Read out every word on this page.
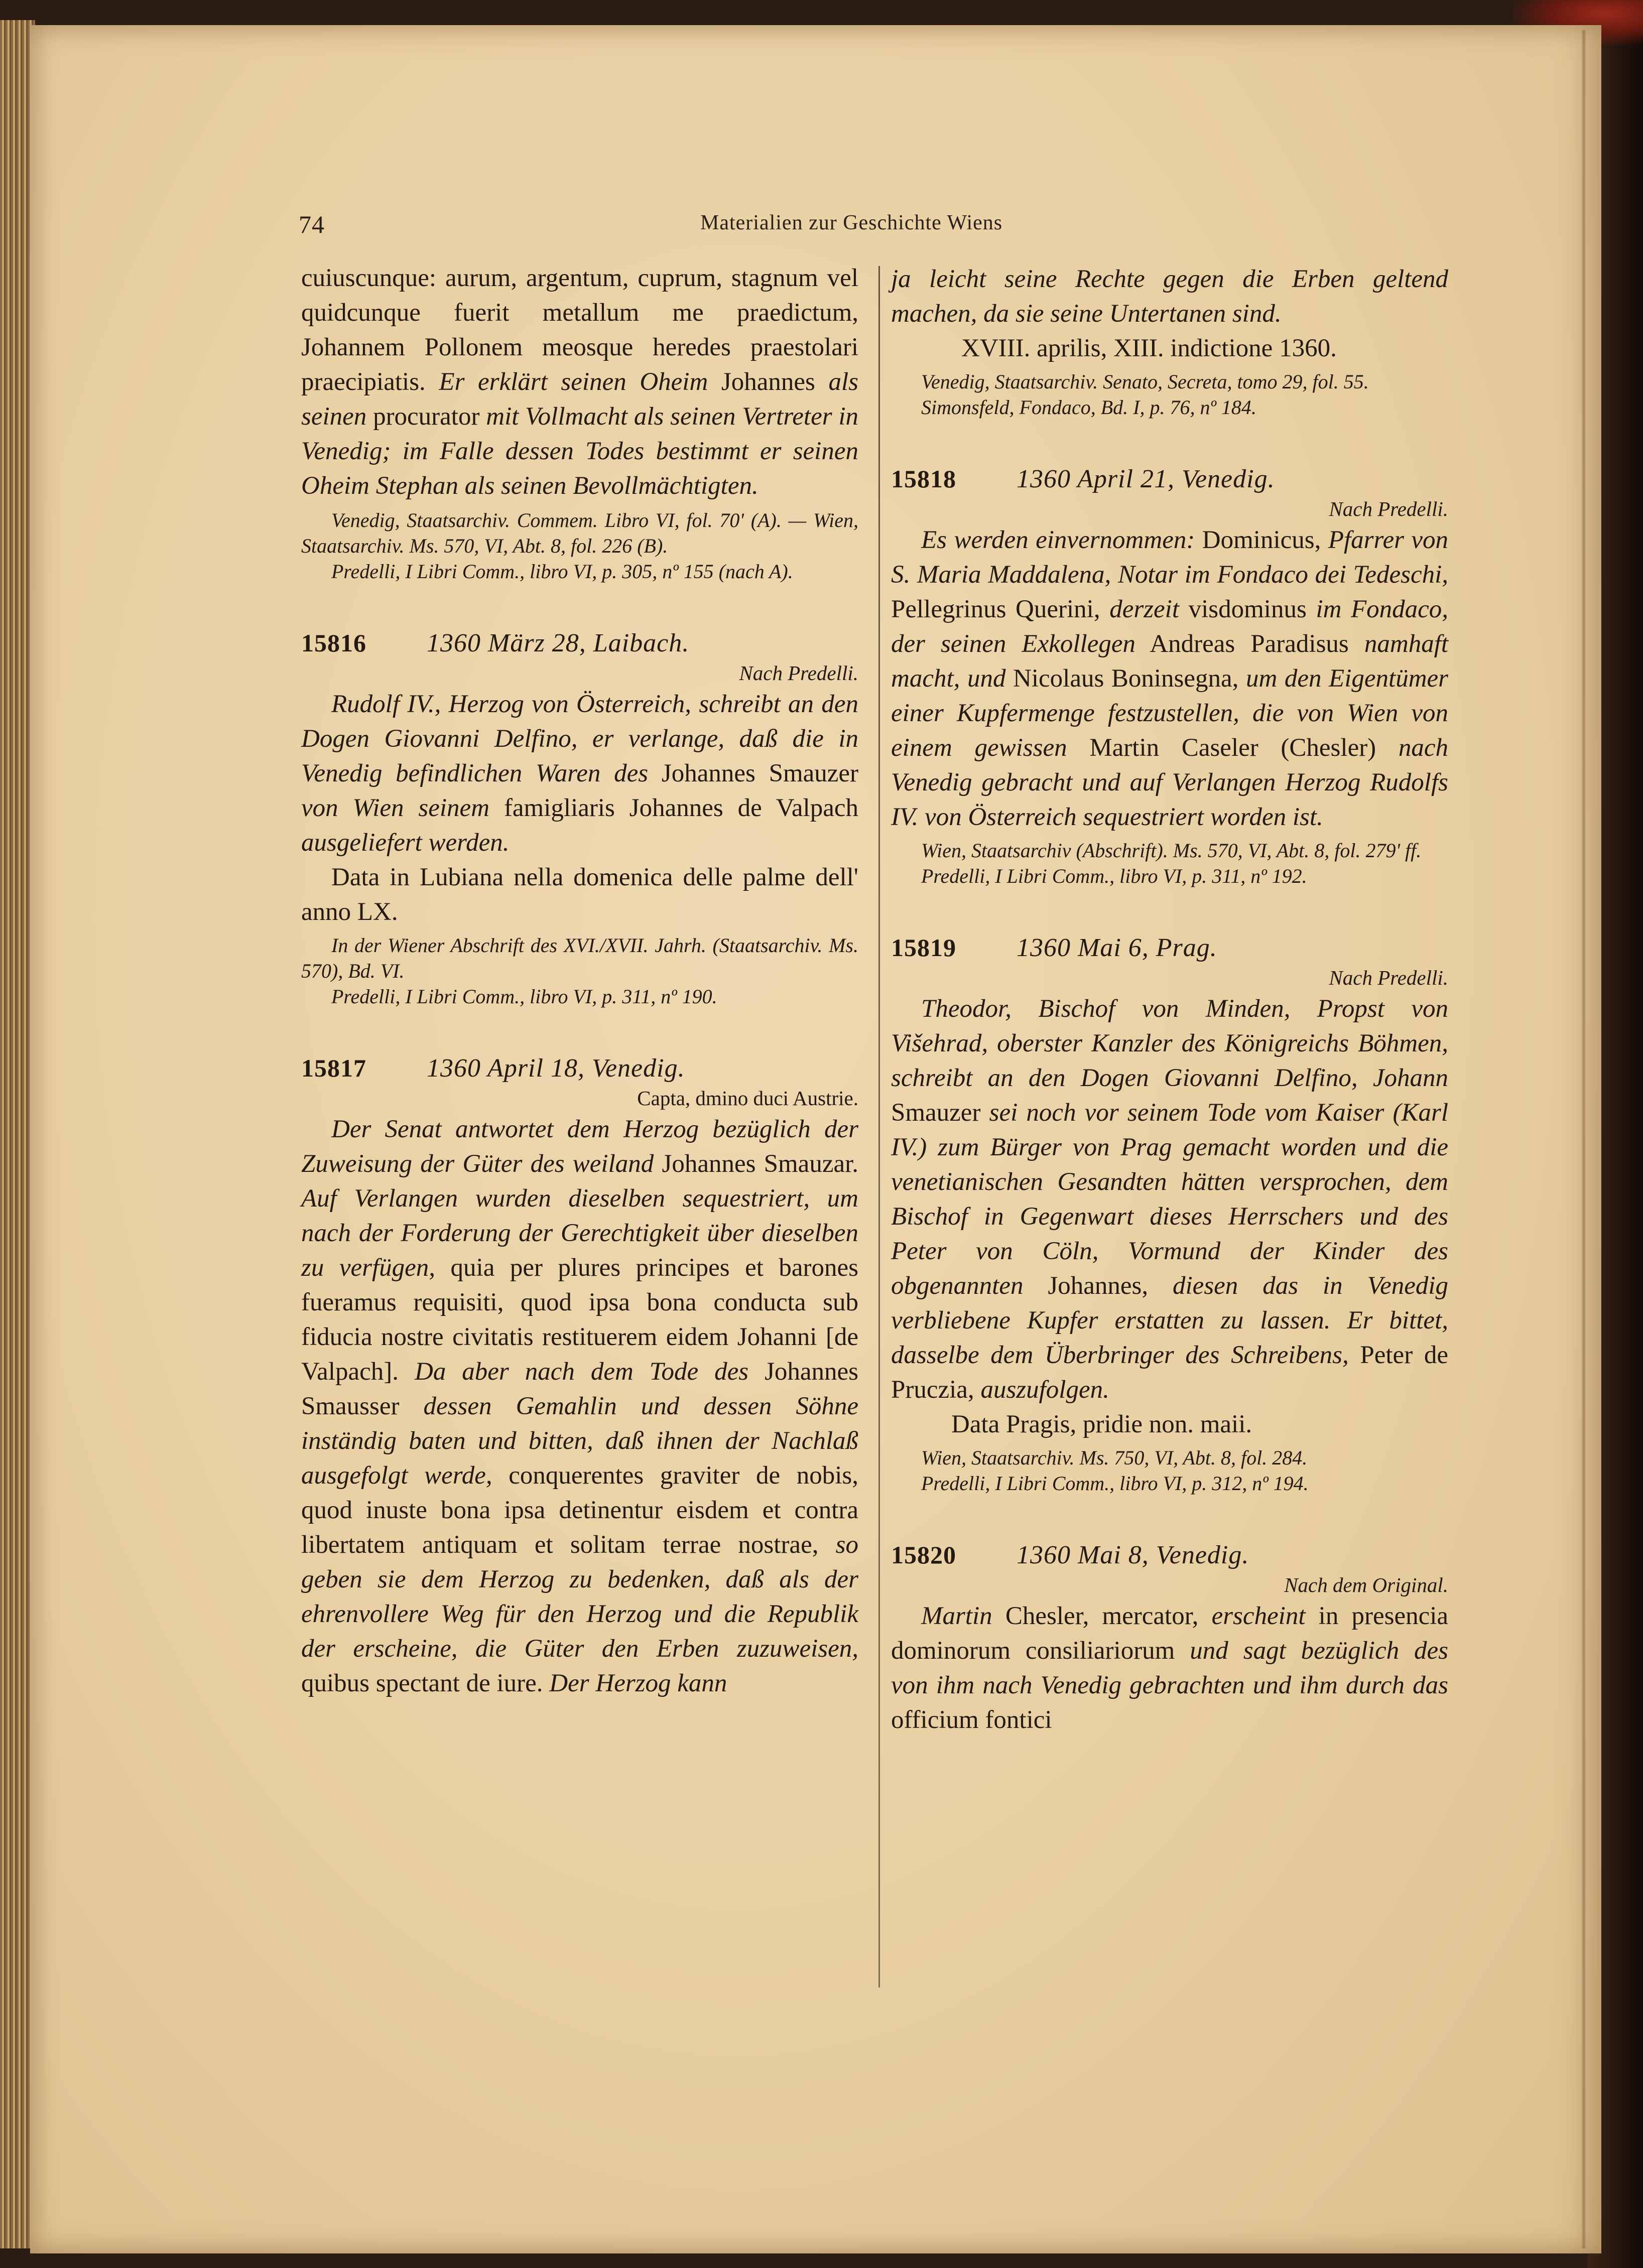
74	Materialien zur Geschichte Wiens

cuiuscunque: aurum, argentum, cuprum, stagnum vel quidcunque fuerit metallum me praedictum, Johannem Pollonem meosque heredes praestolari praecipiatis. Er erklärt seinen Oheim Johannes als seinen procurator mit Vollmacht als seinen Vertreter in Venedig; im Falle dessen Todes bestimmt er seinen Oheim Stephan als seinen Bevollmächtigten.

Venedig, Staatsarchiv. Commem. Libro VI, fol. 70' (A). — Wien, Staatsarchiv. Ms. 570, VI, Abt. 8, fol. 226 (B).

Predelli, I Libri Comm., libro VI, p. 305, nº 155 (nach A).

15816	1360 März 28, Laibach.
Nach Predelli.

Rudolf IV., Herzog von Österreich, schreibt an den Dogen Giovanni Delfino, er verlange, daß die in Venedig befindlichen Waren des Johannes Smauzer von Wien seinem famigliaris Johannes de Valpach ausgeliefert werden.

Data in Lubiana nella domenica delle palme dell' anno LX.

In der Wiener Abschrift des XVI./XVII. Jahrh. (Staatsarchiv. Ms. 570), Bd. VI.

Predelli, I Libri Comm., libro VI, p. 311, nº 190.

15817	1360 April 18, Venedig.
Capta, dmino duci Austrie.

Der Senat antwortet dem Herzog bezüglich der Zuweisung der Güter des weiland Johannes Smauzar. Auf Verlangen wurden dieselben sequestriert, um nach der Forderung der Gerechtigkeit über dieselben zu verfügen, quia per plures principes et barones fueramus requisiti, quod ipsa bona conducta sub fiducia nostre civitatis restituerem eidem Johanni [de Valpach]. Da aber nach dem Tode des Johannes Smausser dessen Gemahlin und dessen Söhne inständig baten und bitten, daß ihnen der Nachlaß ausgefolgt werde, conquerentes graviter de nobis, quod inuste bona ipsa detinentur eisdem et contra libertatem antiquam et solitam terrae nostrae, so geben sie dem Herzog zu bedenken, daß als der ehrenvollere Weg für den Herzog und die Republik der erscheine, die Güter den Erben zuzuweisen, quibus spectant de iure. Der Herzog kann

ja leicht seine Rechte gegen die Erben geltend machen, da sie seine Untertanen sind.

XVIII. aprilis, XIII. indictione 1360.

Venedig, Staatsarchiv. Senato, Secreta, tomo 29, fol. 55.

Simonsfeld, Fondaco, Bd. I, p. 76, nº 184.

15818	1360 April 21, Venedig.
Nach Predelli.

Es werden einvernommen: Dominicus, Pfarrer von S. Maria Maddalena, Notar im Fondaco dei Tedeschi, Pellegrinus Querini, derzeit visdominus im Fondaco, der seinen Exkollegen Andreas Paradisus namhaft macht, und Nicolaus Boninsegna, um den Eigentümer einer Kupfermenge festzustellen, die von Wien von einem gewissen Martin Caseler (Chesler) nach Venedig gebracht und auf Verlangen Herzog Rudolfs IV. von Österreich sequestriert worden ist.

Wien, Staatsarchiv (Abschrift). Ms. 570, VI, Abt. 8, fol. 279' ff.

Predelli, I Libri Comm., libro VI, p. 311, nº 192.

15819	1360 Mai 6, Prag.
Nach Predelli.

Theodor, Bischof von Minden, Propst von Višehrad, oberster Kanzler des Königreichs Böhmen, schreibt an den Dogen Giovanni Delfino, Johann Smauzer sei noch vor seinem Tode vom Kaiser (Karl IV.) zum Bürger von Prag gemacht worden und die venetianischen Gesandten hätten versprochen, dem Bischof in Gegenwart dieses Herrschers und des Peter von Cöln, Vormund der Kinder des obgenannten Johannes, diesen das in Venedig verbliebene Kupfer erstatten zu lassen. Er bittet, dasselbe dem Überbringer des Schreibens, Peter de Pruczia, auszufolgen.

Data Pragis, pridie non. maii.

Wien, Staatsarchiv. Ms. 750, VI, Abt. 8, fol. 284.

Predelli, I Libri Comm., libro VI, p. 312, nº 194.

15820	1360 Mai 8, Venedig.
Nach dem Original.

Martin Chesler, mercator, erscheint in presencia dominorum consiliariorum und sagt bezüglich des von ihm nach Venedig gebrachten und ihm durch das officium fontici
